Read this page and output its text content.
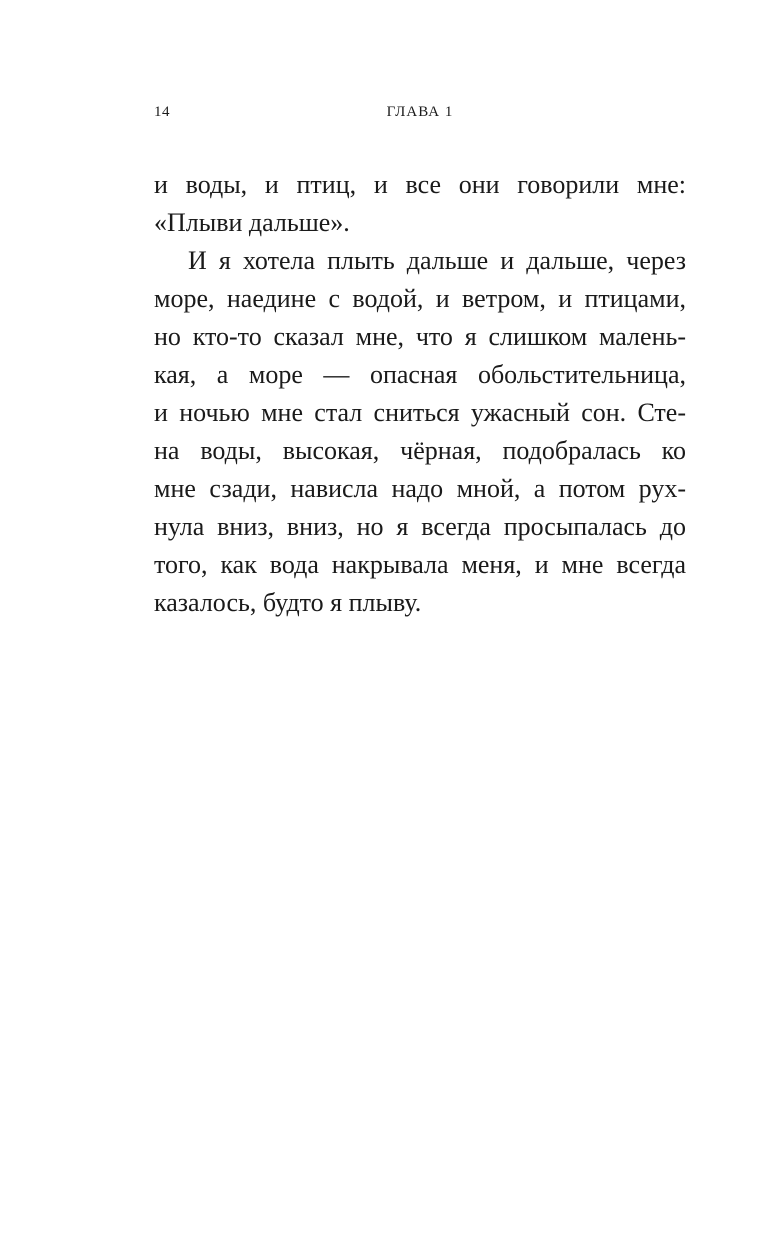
14	ГЛАВА 1
и воды, и птиц, и все они говорили мне:
«Плыви дальше».
И я хотела плыть дальше и дальше, через
море, наедине с водой, и ветром, и птицами,
но кто-то сказал мне, что я слишком малень-
кая, а море — опасная обольстительница,
и ночью мне стал сниться ужасный сон. Сте-
на воды, высокая, чёрная, подобралась ко
мне сзади, нависла надо мной, а потом рух-
нула вниз, вниз, но я всегда просыпалась до
того, как вода накрывала меня, и мне всегда
казалось, будто я плыву.
